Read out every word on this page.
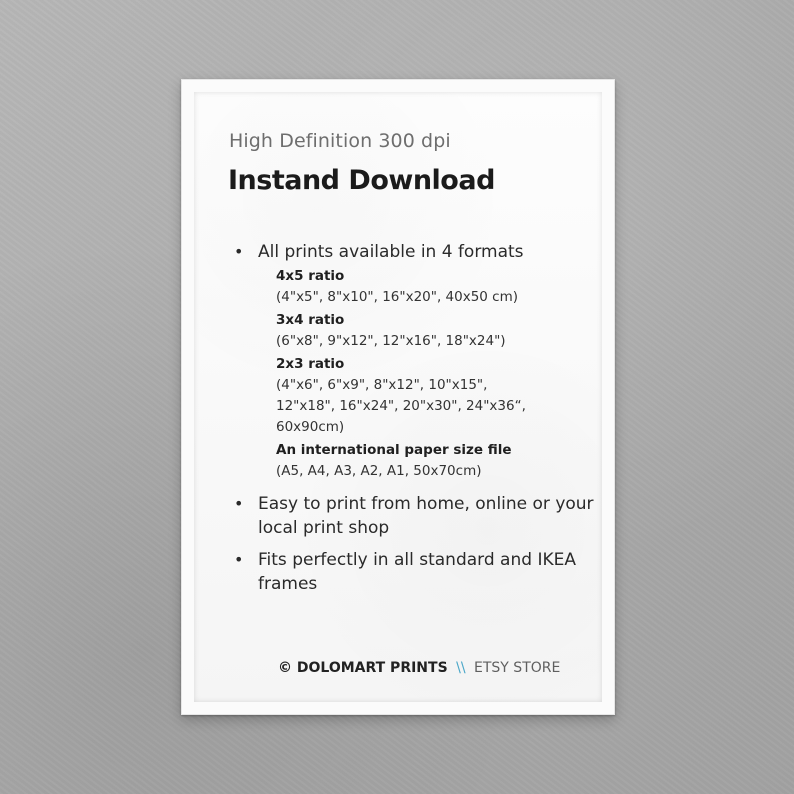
High Definition 300 dpi
Instand Download
• All prints available in 4 formats
4x5 ratio
(4"x5", 8"x10", 16"x20", 40x50 cm)
3x4 ratio
(6"x8", 9"x12", 12"x16", 18"x24")
2x3 ratio
(4"x6", 6"x9", 8"x12", 10"x15", 12"x18", 16"x24", 20"x30", 24"x36“, 60x90cm)
An international paper size file
(A5, A4, A3, A2, A1, 50x70cm)
• Easy to print from home, online or your local print shop
• Fits perfectly in all standard and IKEA frames
© DOLOMART PRINTS \\ ETSY STORE
